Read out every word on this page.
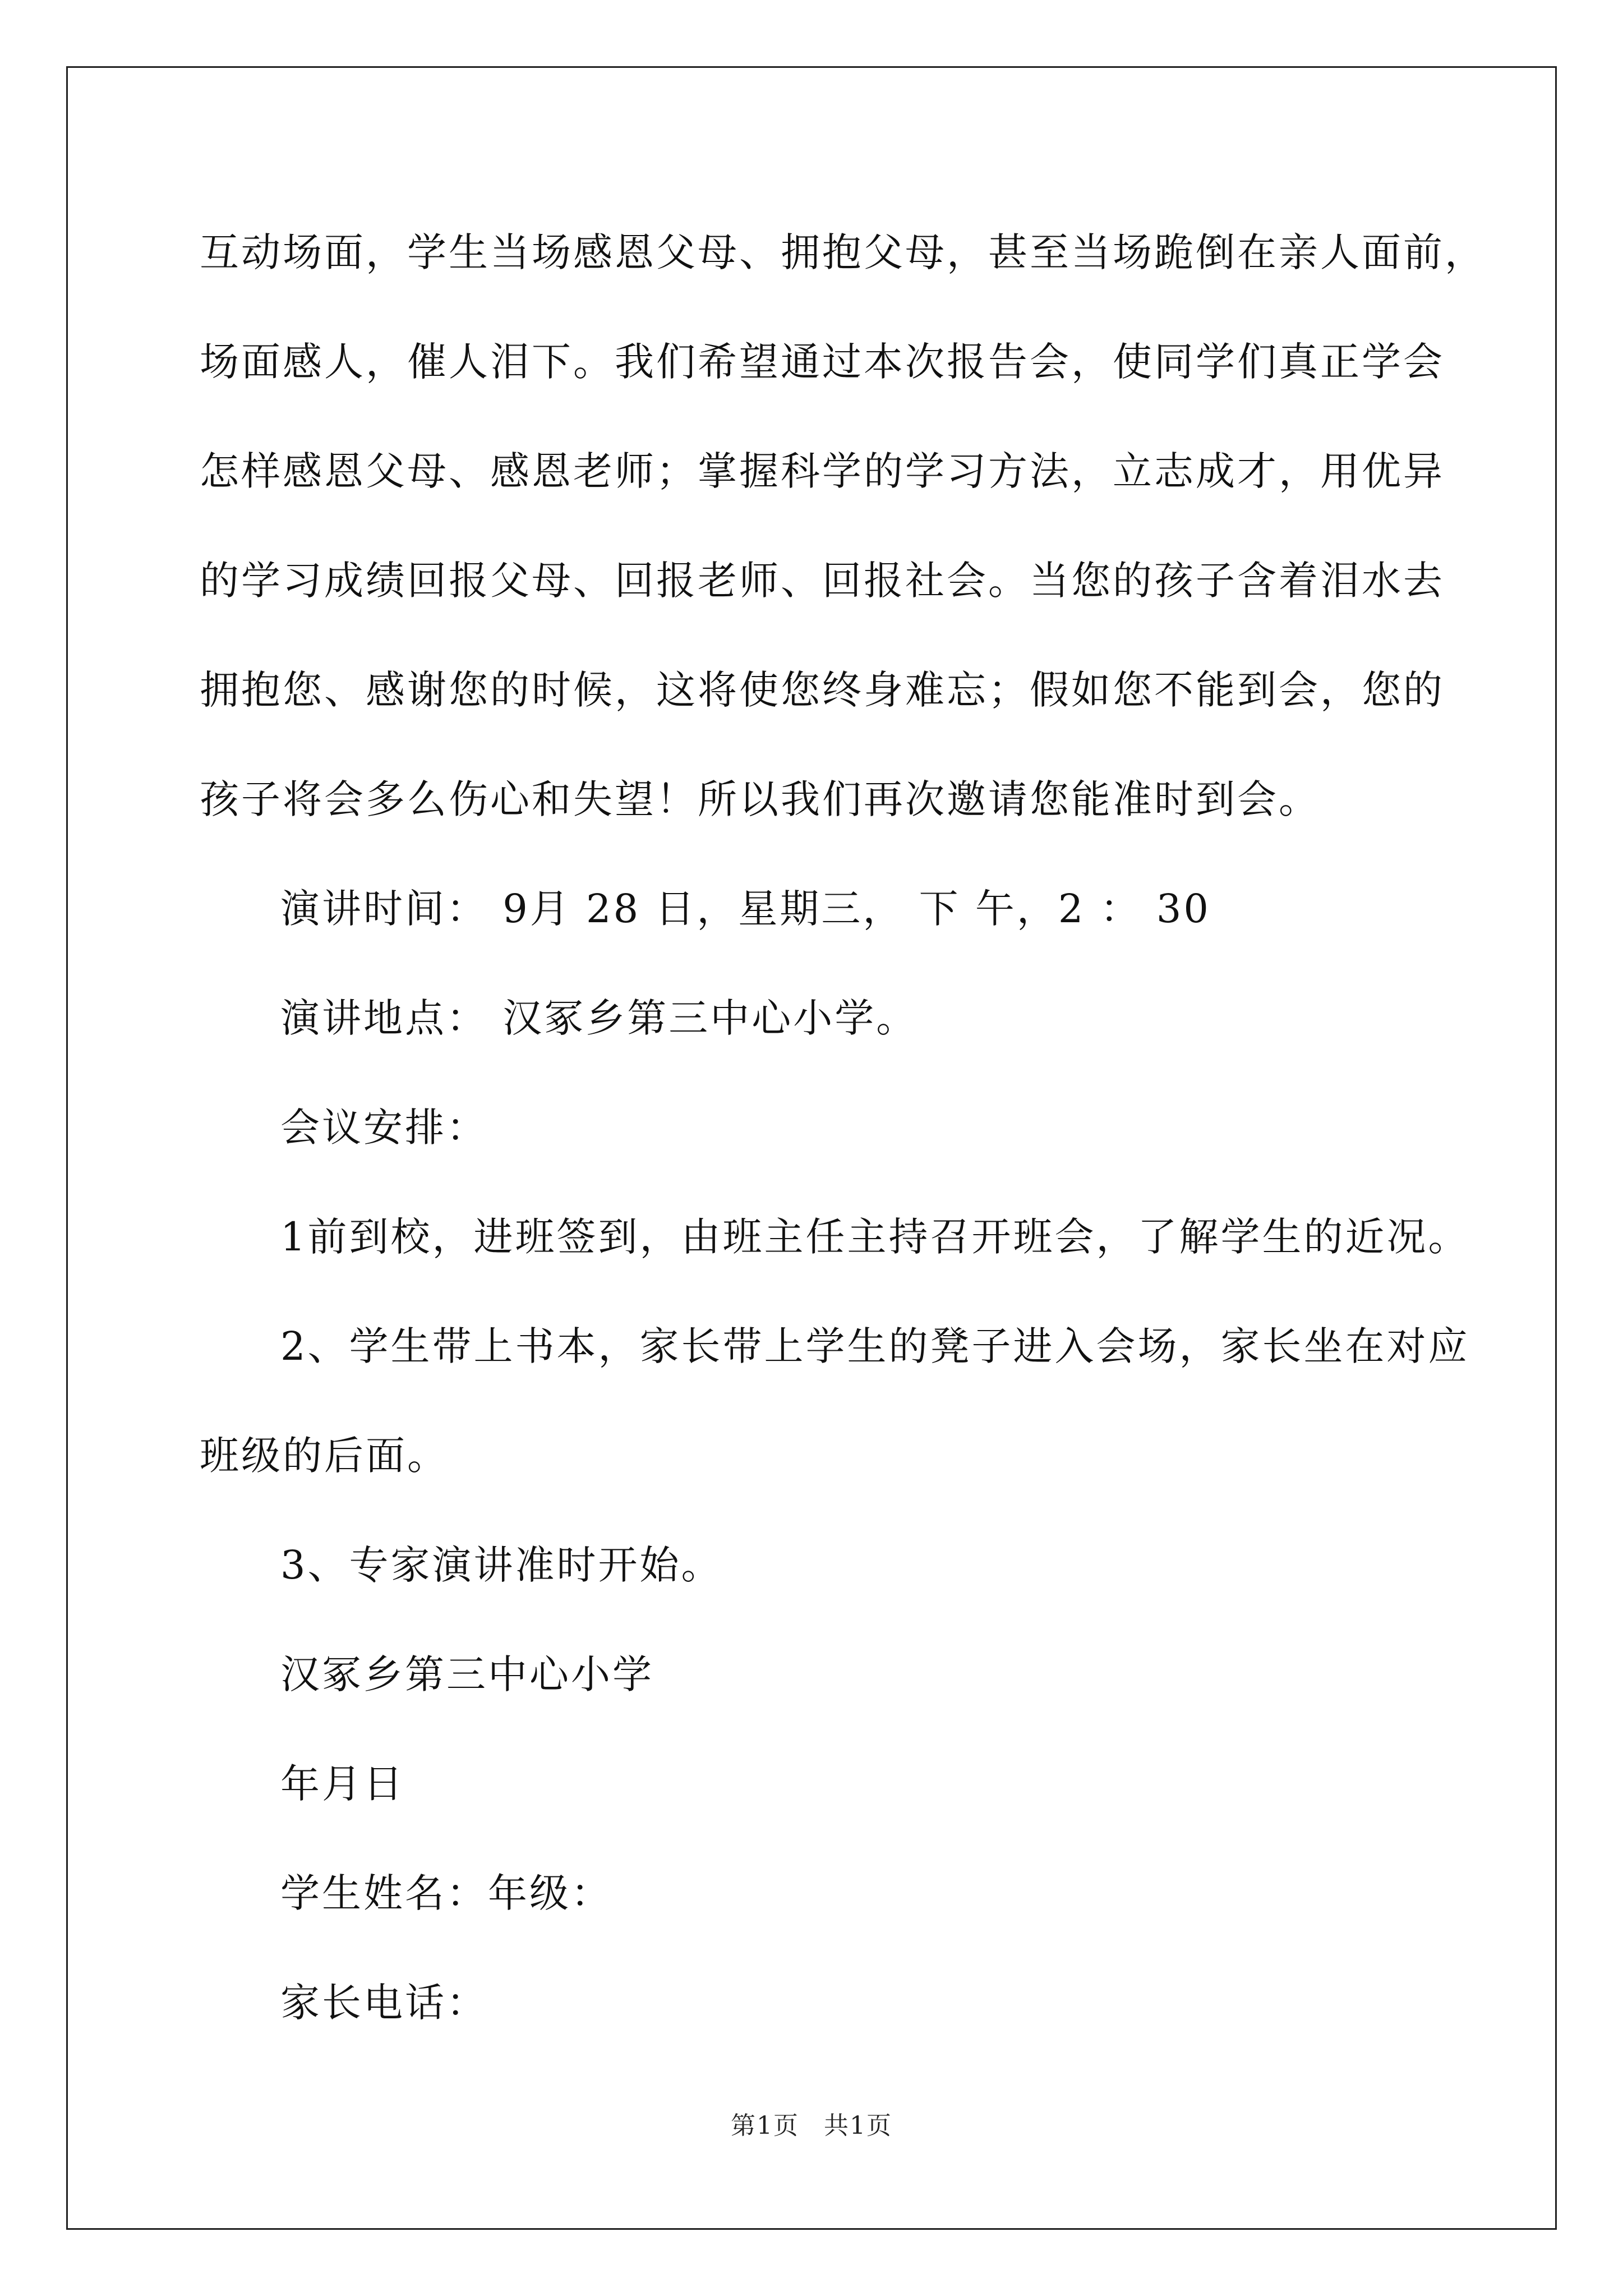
互动场面，学生当场感恩父母、拥抱父母，甚至当场跪倒在亲人面前，
场面感人，催人泪下。我们希望通过本次报告会，使同学们真正学会
怎样感恩父母、感恩老师；掌握科学的学习方法，立志成才，用优异
的学习成绩回报父母、回报老师、回报社会。当您的孩子含着泪水去
拥抱您、感谢您的时候，这将使您终身难忘；假如您不能到会，您的
孩子将会多么伤心和失望！所以我们再次邀请您能准时到会。
演讲时间： 9月 28 日，星期三， 下 午，2 ： 30
演讲地点： 汉冢乡第三中心小学。
会议安排：
1前到校，进班签到，由班主任主持召开班会，了解学生的近况。
2、学生带上书本，家长带上学生的凳子进入会场，家长坐在对应
班级的后面。
3、专家演讲准时开始。
汉冢乡第三中心小学
年月日
学生姓名：年级：
家长电话：
第1页 共1页
